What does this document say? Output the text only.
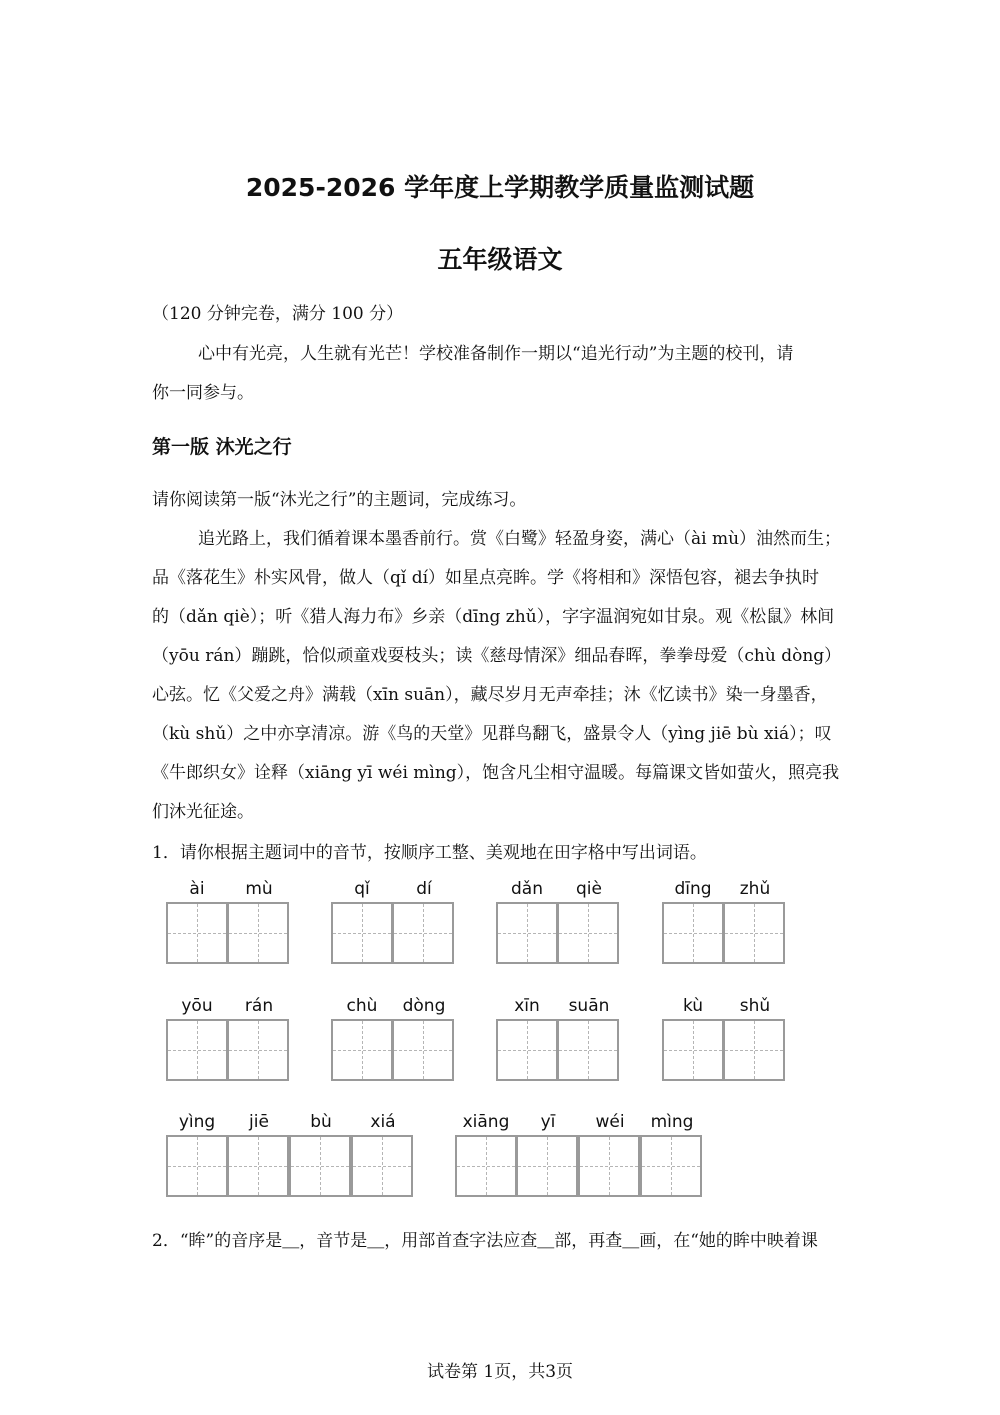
2025-2026 学年度上学期教学质量监测试题
五年级语文
（120 分钟完卷，满分 100 分）
心中有光亮，人生就有光芒！学校准备制作一期以“追光行动”为主题的校刊，请
你一同参与。
第一版 沐光之行
请你阅读第一版“沐光之行”的主题词，完成练习。
追光路上，我们循着课本墨香前行。赏《白鹭》轻盈身姿，满心（ài mù）油然而生；
品《落花生》朴实风骨，做人（qǐ dí）如星点亮眸。学《将相和》深悟包容，褪去争执时
的（dǎn qiè）；听《猎人海力布》乡亲（dīng zhǔ），字字温润宛如甘泉。观《松鼠》林间
（yōu rán）蹦跳，恰似顽童戏耍枝头；读《慈母情深》细品春晖，拳拳母爱（chù dòng）
心弦。忆《父爱之舟》满载（xīn suān），藏尽岁月无声牵挂；沐《忆读书》染一身墨香，
（kù shǔ）之中亦享清凉。游《鸟的天堂》见群鸟翻飞，盛景令人（yìng jiē bù xiá）；叹
《牛郎织女》诠释（xiāng yī wéi mìng），饱含凡尘相守温暖。每篇课文皆如萤火，照亮我
们沐光征途。
1．请你根据主题词中的音节，按顺序工整、美观地在田字格中写出词语。
ài	mù	qǐ	dí	dǎn	qiè	dīng	zhǔ
yōu	rán	chù	dòng	xīn	suān	kù	shǔ
yìng	jiē	bù	xiá	xiāng	yī	wéi	mìng
2．“眸”的音序是＿，音节是＿，用部首查字法应查＿部，再查＿画，在“她的眸中映着课
试卷第 1页，共3页
